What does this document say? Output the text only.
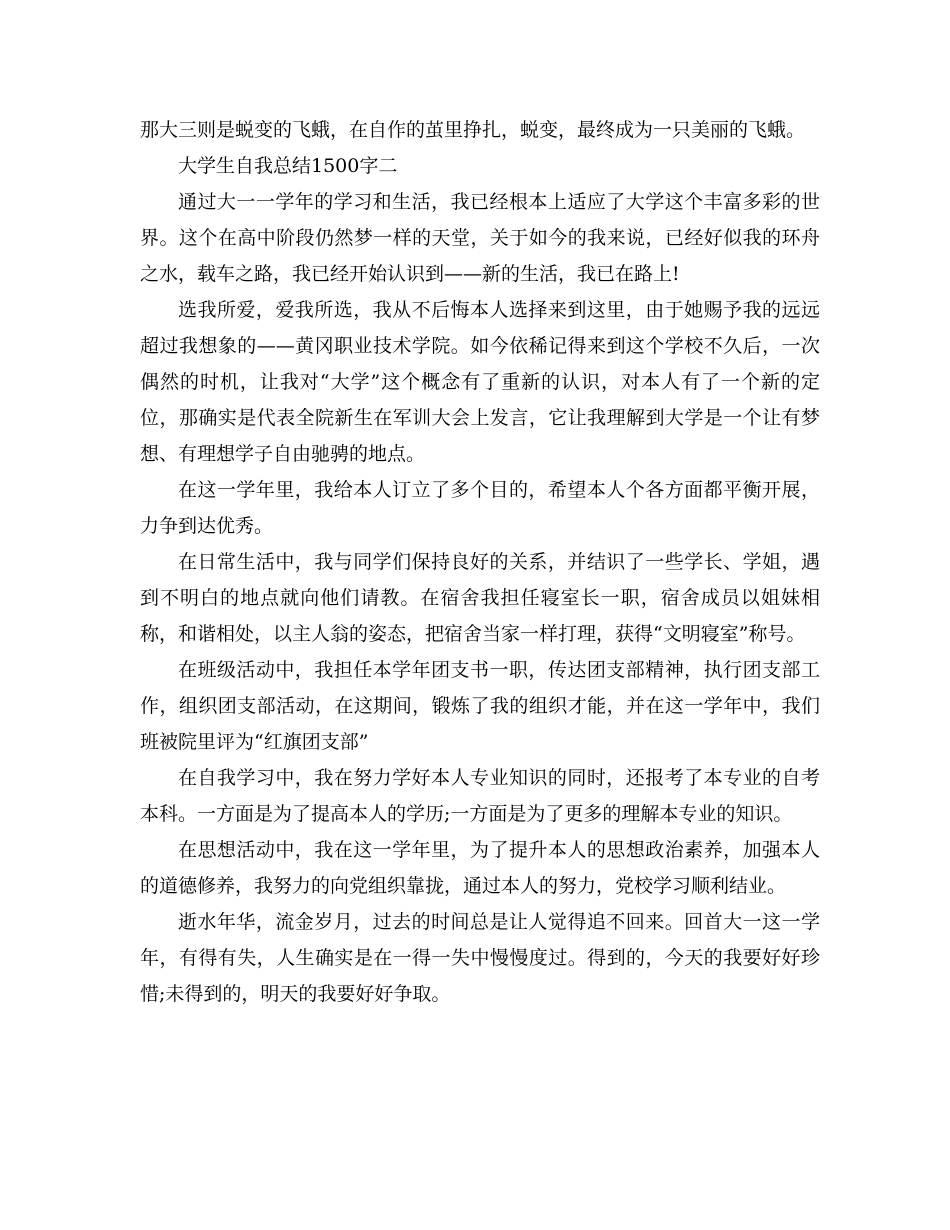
那大三则是蜕变的飞蛾，在自作的茧里挣扎，蜕变，最终成为一只美丽的飞蛾。

大学生自我总结1500字二

通过大一一学年的学习和生活，我已经根本上适应了大学这个丰富多彩的世界。这个在高中阶段仍然梦一样的天堂，关于如今的我来说，已经好似我的环舟之水，载车之路，我已经开始认识到——新的生活，我已在路上!

选我所爱，爱我所选，我从不后悔本人选择来到这里，由于她赐予我的远远超过我想象的——黄冈职业技术学院。如今依稀记得来到这个学校不久后，一次偶然的时机，让我对“大学”这个概念有了重新的认识，对本人有了一个新的定位，那确实是代表全院新生在军训大会上发言，它让我理解到大学是一个让有梦想、有理想学子自由驰骋的地点。

在这一学年里，我给本人订立了多个目的，希望本人个各方面都平衡开展，力争到达优秀。

在日常生活中，我与同学们保持良好的关系，并结识了一些学长、学姐，遇到不明白的地点就向他们请教。在宿舍我担任寝室长一职，宿舍成员以姐妹相称，和谐相处，以主人翁的姿态，把宿舍当家一样打理，获得“文明寝室”称号。

在班级活动中，我担任本学年团支书一职，传达团支部精神，执行团支部工作，组织团支部活动，在这期间，锻炼了我的组织才能，并在这一学年中，我们班被院里评为“红旗团支部”

在自我学习中，我在努力学好本人专业知识的同时，还报考了本专业的自考本科。一方面是为了提高本人的学历;一方面是为了更多的理解本专业的知识。

在思想活动中，我在这一学年里，为了提升本人的思想政治素养，加强本人的道德修养，我努力的向党组织靠拢，通过本人的努力，党校学习顺利结业。

逝水年华，流金岁月，过去的时间总是让人觉得追不回来。回首大一这一学年，有得有失，人生确实是在一得一失中慢慢度过。得到的，今天的我要好好珍惜;未得到的，明天的我要好好争取。
